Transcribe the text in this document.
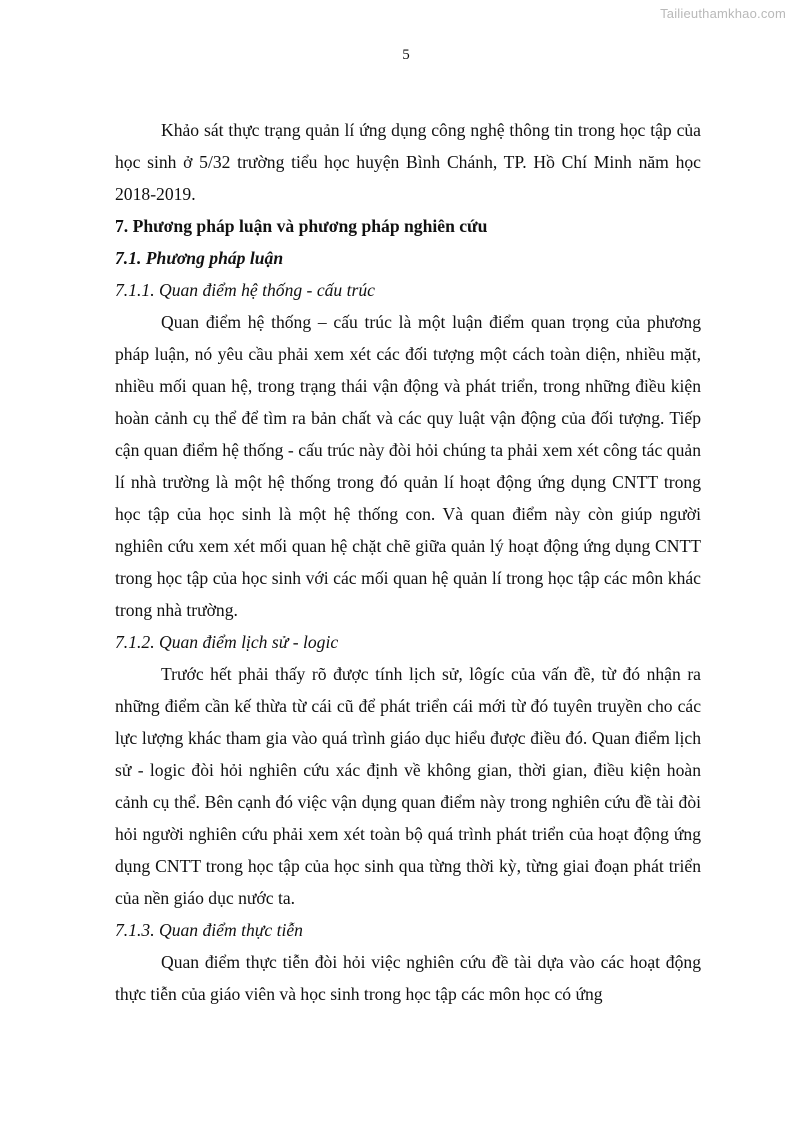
Tailieuthamkhao.com
5

Khảo sát thực trạng quản lí ứng dụng công nghệ thông tin trong học tập của học sinh ở 5/32 trường tiểu học huyện Bình Chánh, TP. Hồ Chí Minh năm học 2018-2019.

7. Phương pháp luận và phương pháp nghiên cứu

7.1. Phương pháp luận

7.1.1. Quan điểm hệ thống - cấu trúc

Quan điểm hệ thống – cấu trúc là một luận điểm quan trọng của phương pháp luận, nó yêu cầu phải xem xét các đối tượng một cách toàn diện, nhiều mặt, nhiều mối quan hệ, trong trạng thái vận động và phát triển, trong những điều kiện hoàn cảnh cụ thể để tìm ra bản chất và các quy luật vận động của đối tượng. Tiếp cận quan điểm hệ thống - cấu trúc này đòi hỏi chúng ta phải xem xét công tác quản lí nhà trường là một hệ thống trong đó quản lí hoạt động ứng dụng CNTT trong học tập của học sinh là một hệ thống con. Và quan điểm này còn giúp người nghiên cứu xem xét mối quan hệ chặt chẽ giữa quản lý hoạt động ứng dụng CNTT trong học tập của học sinh với các mối quan hệ quản lí trong học tập các môn khác trong nhà trường.

7.1.2. Quan điểm lịch sử - logic

Trước hết phải thấy rõ được tính lịch sử, lôgíc của vấn đề, từ đó nhận ra những điểm cần kế thừa từ cái cũ để phát triển cái mới từ đó tuyên truyền cho các lực lượng khác tham gia vào quá trình giáo dục hiểu được điều đó. Quan điểm lịch sử - logic đòi hỏi nghiên cứu xác định về không gian, thời gian, điều kiện hoàn cảnh cụ thể. Bên cạnh đó việc vận dụng quan điểm này trong nghiên cứu đề tài đòi hỏi người nghiên cứu phải xem xét toàn bộ quá trình phát triển của hoạt động ứng dụng CNTT trong học tập của học sinh qua từng thời kỳ, từng giai đoạn phát triển của nền giáo dục nước ta.

7.1.3. Quan điểm thực tiễn

Quan điểm thực tiễn đòi hỏi việc nghiên cứu đề tài dựa vào các hoạt động thực tiễn của giáo viên và học sinh trong học tập các môn học có ứng
